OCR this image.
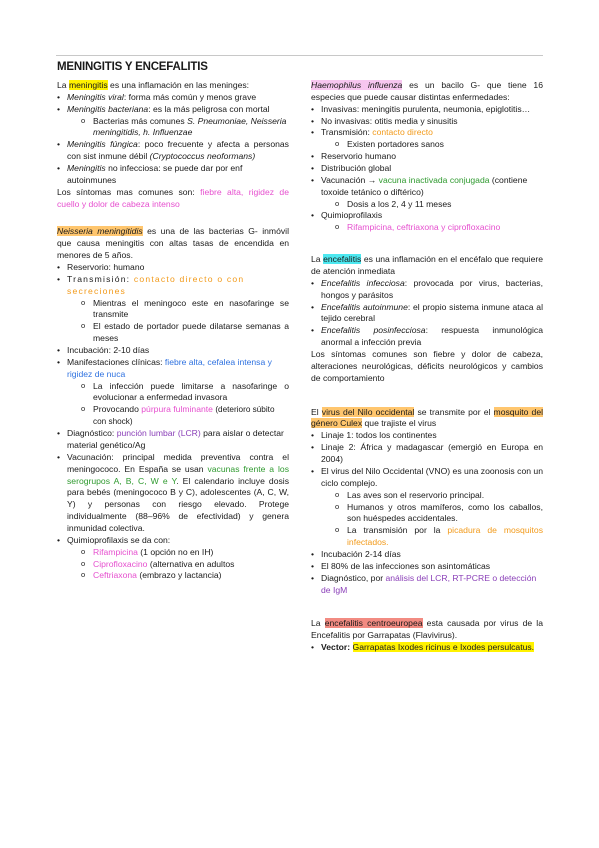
MENINGITIS Y ENCEFALITIS

La meningitis es una inflamación en las meninges:

• Meningitis viral: forma más común y menos grave
• Meningitis bacteriana: es la más peligrosa con mortal
o Bacterias más comunes S. Pneumoniae, Neisseria meningitidis, h. Influenzae
• Meningitis fúngica: poco frecuente y afecta a personas con sist inmune débil (Cryptococcus neoformans)
• Meningitis no infecciosa: se puede dar por enf autoinmunes

Los síntomas mas comunes son: fiebre alta, rigidez de cuello y dolor de cabeza intenso

Neisseria meningitidis es una de las bacterias G- inmóvil que causa meningitis con altas tasas de encendida en menores de 5 años.

• Reservorio: humano
• Transmisión: contacto directo o con secreciones
o Mientras el meningoco este en nasofaringe se transmite
o El estado de portador puede dilatarse semanas a meses
• Incubación: 2-10 días
• Manifestaciones clínicas: fiebre alta, cefalea intensa y rigidez de nuca
o La infección puede limitarse a nasofaringe o evolucionar a enfermedad invasora
o Provocando púrpura fulminante (deterioro súbito con shock)
• Diagnóstico: punción lumbar (LCR) para aislar o detectar material genético/Ag
• Vacunación: principal medida preventiva contra el meningococo. En España se usan vacunas frente a los serogrupos A, B, C, W e Y. El calendario incluye dosis para bebés (meningococo B y C), adolescentes (A, C, W, Y) y personas con riesgo elevado. Protege individualmente (88–96% de efectividad) y genera inmunidad colectiva.
• Quimioprofilaxis se da con:
o Rifampicina (1 opción no en IH)
o Ciprofloxacino (alternativa en adultos
o Ceftriaxona (embrazo y lactancia)

Haemophilus influenza es un bacilo G- que tiene 16 especies que puede causar distintas enfermedades:

• Invasivas: meningitis purulenta, neumonia, epiglotitis…
• No invasivas: otitis media y sinusitis
• Transmisión: contacto directo
o Existen portadores sanos
• Reservorio humano
• Distribución global
• Vacunación → vacuna inactivada conjugada (contiene toxoide tetánico o diftérico)
o Dosis a los 2, 4 y 11 meses
• Quimioprofilaxis
o Rifampicina, ceftriaxona y ciprofloxacino

La encefalitis es una inflamación en el encéfalo que requiere de atención inmediata

• Encefalitis infecciosa: provocada por virus, bacterias, hongos y parásitos
• Encefalitis autoinmune: el propio sistema inmune ataca al tejido cerebral
• Encefalitis posinfecciosa: respuesta inmunológica anormal a infección previa

Los síntomas comunes son fiebre y dolor de cabeza, alteraciones neurológicas, déficits neurológicos y cambios de comportamiento

El virus del Nilo occidental se transmite por el mosquito del género Culex que trajiste el virus

• Linaje 1: todos los continentes
• Linaje 2: África y madagascar (emergió en Europa en 2004)
• El virus del Nilo Occidental (VNO) es una zoonosis con un ciclo complejo.
o Las aves son el reservorio principal.
o Humanos y otros mamíferos, como los caballos, son huéspedes accidentales.
o La transmisión por la picadura de mosquitos infectados.
• Incubación 2-14 días
• El 80% de las infecciones son asintomáticas
• Diagnóstico, por análisis del LCR, RT-PCRE o detección de IgM

La encefalitis centroeuropea esta causada por virus de la Encefalitis por Garrapatas (Flavivirus).

• Vector: Garrapatas Ixodes ricinus e Ixodes persulcatus.
